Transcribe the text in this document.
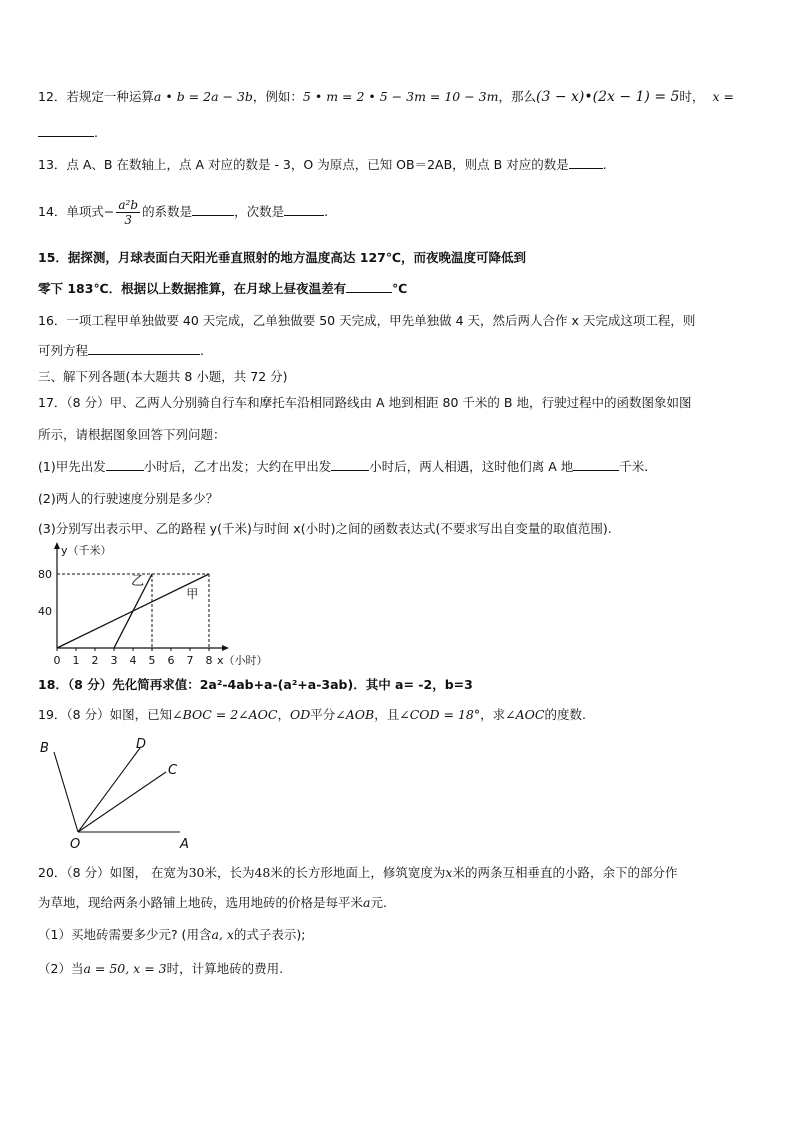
12．若规定一种运算a • b = 2a − 3b，例如：5 • m = 2 • 5 − 3m = 10 − 3m，那么(3 − x)•(2x − 1) = 5时， x =
.
13．点 A、B 在数轴上，点 A 对应的数是 - 3，O 为原点，已知 OB＝2AB，则点 B 对应的数是	.
14．单项式− $\frac{\text{a²b}}{3}$ 的系数是	，次数是	.
15．据探测，月球表面白天阳光垂直照射的地方温度高达 127℃，而夜晚温度可降低到
零下 183℃．根据以上数据推算，在月球上昼夜温差有	℃
16．一项工程甲单独做要 40 天完成，乙单独做要 50 天完成，甲先单独做 4 天，然后两人合作 x 天完成这项工程，则
可列方程	.
三、解下列各题(本大题共 8 小题，共 72 分)
17．（8 分）甲、乙两人分别骑自行车和摩托车沿相同路线由 A 地到相距 80 千米的 B 地，行驶过程中的函数图象如图
所示，请根据图象回答下列问题：
(1)甲先出发	小时后，乙才出发；大约在甲出发	小时后，两人相遇，这时他们离 A 地	千米.
(2)两人的行驶速度分别是多少？
(3)分别写出表示甲、乙的路程 y(千米)与时间 x(小时)之间的函数表达式(不要求写出自变量的取值范围).
y（千米）
x（小时）
0 1 2 3 4 5 6 7 8
40
80	乙
甲
18．（8 分）先化简再求值：2a²-4ab+a-(a²+a-3ab)．其中 a= -2，b=3
19．（8 分）如图，已知∠BOC = 2∠AOC，OD平分∠AOB，且∠COD = 18°，求∠AOC的度数.
B	D
C
O	A
20．（8 分）如图， 在宽为30米，长为48米的长方形地面上，修筑宽度为x米的两条互相垂直的小路，余下的部分作
为草地，现给两条小路铺上地砖，选用地砖的价格是每平米a元.
（1）买地砖需要多少元? (用含a, x的式子表示);
（2）当a = 50, x = 3时，计算地砖的费用.
